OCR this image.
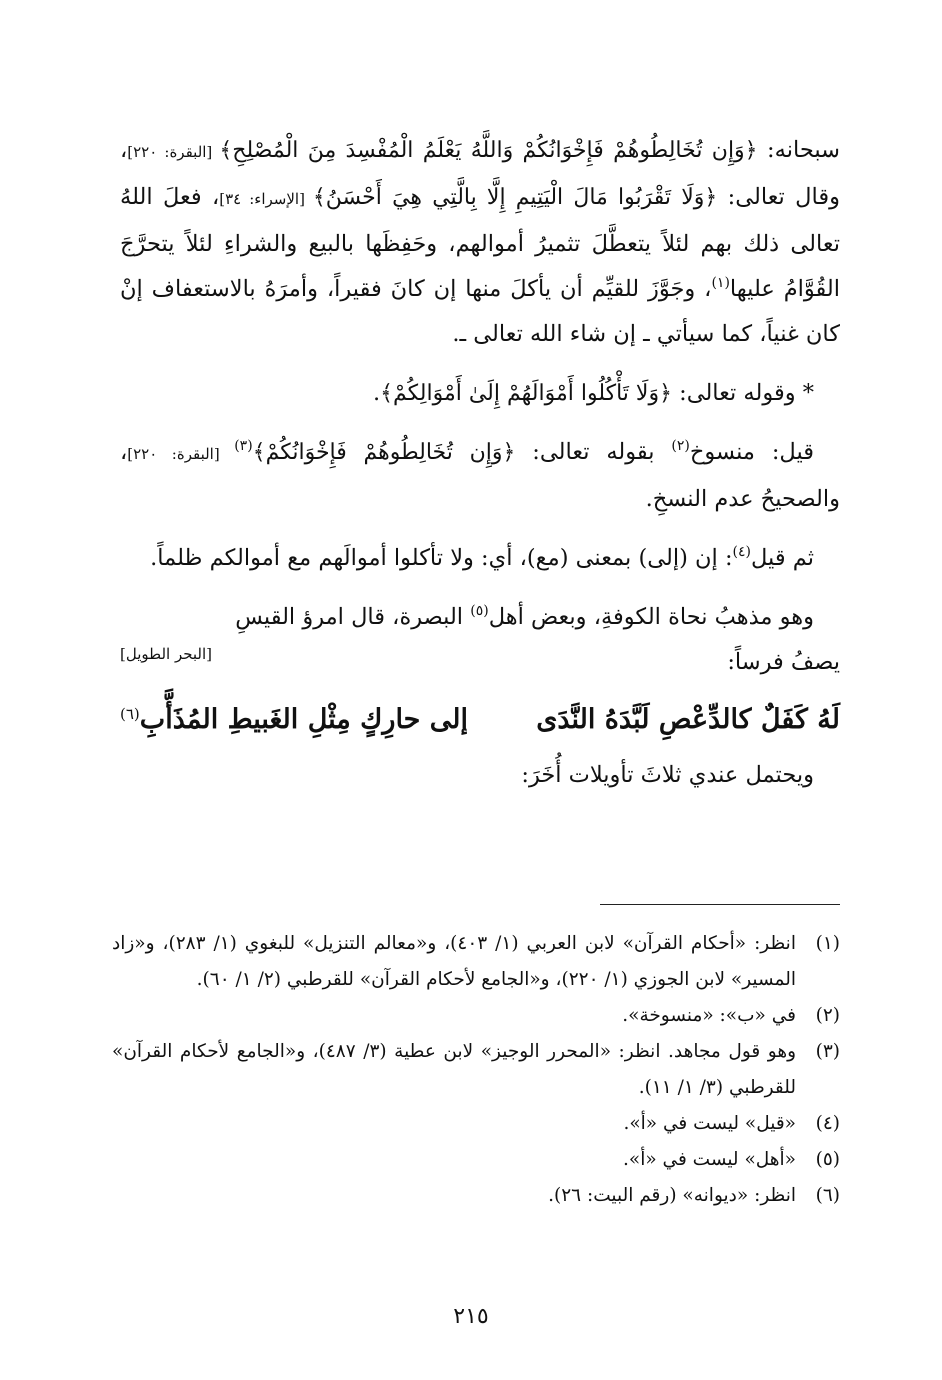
سبحانه: ﴿وَإِن تُخَالِطُوهُمْ فَإِخْوَانُكُمْ وَاللَّهُ يَعْلَمُ الْمُفْسِدَ مِنَ الْمُصْلِحِ﴾ [البقرة: ٢٢٠]، وقال تعالى: ﴿وَلَا تَقْرَبُوا مَالَ الْيَتِيمِ إِلَّا بِالَّتِي هِيَ أَحْسَنُ﴾ [الإسراء: ٣٤]، فعلَ اللهُ تعالى ذلك بهم لئلاً يتعطَّلَ تثميرُ أموالهم، وحَفِظَها بالبيع والشراءِ لئلاً يتحرَّجَ القُوَّامُ عليها$^{(١)}$، وجَوَّزَ للقيِّم أن يأكلَ منها إن كانَ فقيراً، وأمرَهُ بالاستعفاف إنْ كان غنياً، كما سيأتي ـ إن شاء الله تعالى ـ.

* وقوله تعالى: ﴿وَلَا تَأْكُلُوا أَمْوَالَهُمْ إِلَىٰ أَمْوَالِكُمْ﴾.

قيل: منسوخ$^{(٢)}$ بقوله تعالى: ﴿وَإِن تُخَالِطُوهُمْ فَإِخْوَانُكُمْ﴾$^{(٣)}$ [البقرة: ٢٢٠]، والصحيحُ عدم النسخِ.

ثم قيل$^{(٤)}$: إن (إلى) بمعنى (مع)، أي: ولا تأكلوا أموالَهم مع أموالكم ظلماً.

وهو مذهبُ نحاة الكوفةِ، وبعض أهل$^{(٥)}$ البصرة، قال امرؤ القيسِ

يصفُ فرساً:
[البحر الطويل]
لَهُ كَفَلٌ كالدِّعْصِ لَبَّدَهُ النَّدَى
إلى حارِكٍ مِثْلِ الغَبيطِ المُذَأَّبِ$^{(٦)}$

ويحتمل عندي ثلاثَ تأويلات أُخَرَ:

(١)
انظر: «أحكام القرآن» لابن العربي (١/ ٤٠٣)، و«معالم التنزيل» للبغوي (١/ ٢٨٣)، و«زاد المسير» لابن الجوزي (١/ ٢٢٠)، و«الجامع لأحكام القرآن» للقرطبي (٢/ ١/ ٦٠).
(٢)
في «ب»: «منسوخة».
(٣)
وهو قول مجاهد. انظر: «المحرر الوجيز» لابن عطية (٣/ ٤٨٧)، و«الجامع لأحكام القرآن» للقرطبي (٣/ ١/ ١١).
(٤)
«قيل» ليست في «أ».
(٥)
«أهل» ليست في «أ».
(٦)
انظر: «ديوانه» (رقم البيت: ٢٦).
٢١٥
